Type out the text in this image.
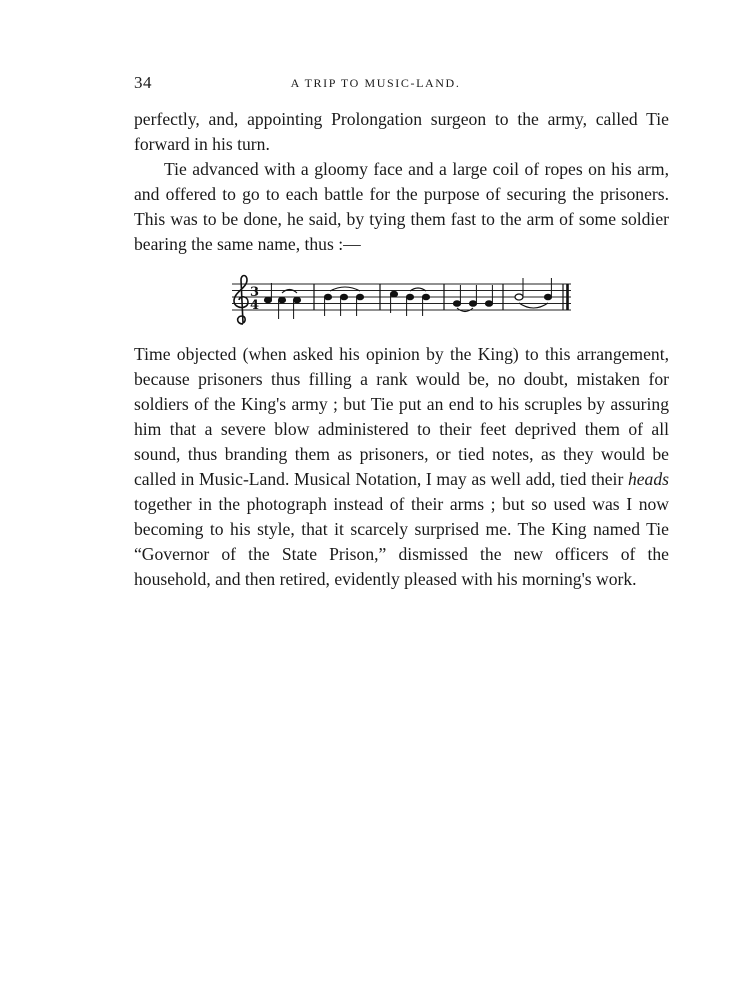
34	A TRIP TO MUSIC-LAND.

perfectly, and, appointing Prolongation surgeon to the army, called Tie forward in his turn.

Tie advanced with a gloomy face and a large coil of ropes on his arm, and offered to go to each battle for the purpose of securing the prisoners. This was to be done, he said, by tying them fast to the arm of some soldier bearing the same name, thus :—

3
4

Time objected (when asked his opinion by the King) to this arrangement, because prisoners thus filling a rank would be, no doubt, mistaken for soldiers of the King's army ; but Tie put an end to his scruples by assuring him that a severe blow administered to their feet deprived them of all sound, thus branding them as prisoners, or tied notes, as they would be called in Music-Land. Musical Notation, I may as well add, tied their heads together in the photograph instead of their arms ; but so used was I now becoming to his style, that it scarcely surprised me. The King named Tie “Governor of the State Prison,” dismissed the new officers of the household, and then retired, evidently pleased with his morning's work.
